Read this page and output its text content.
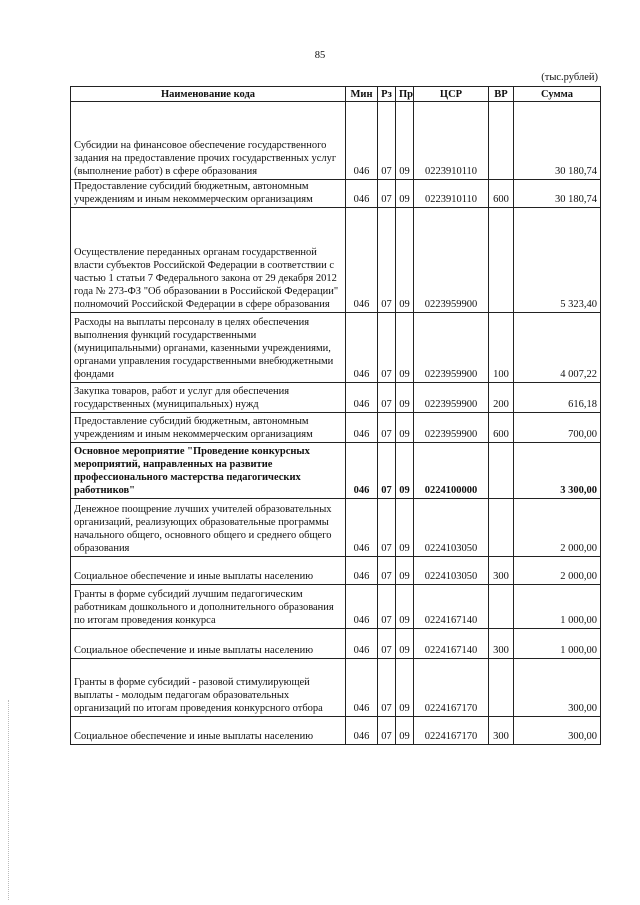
85
(тыс.рублей)
Наименование кода	Мин	Рз	Пр	ЦСР	ВР	Сумма
Субсидии на финансовое обеспечение государственного задания на предоставление прочих государственных услуг (выполнение работ) в сфере образования	046	07	09	0223910110		30 180,74
Предоставление субсидий бюджетным, автономным учреждениям и иным некоммерческим организациям	046	07	09	0223910110	600	30 180,74
Осуществление переданных органам государственной власти субъектов Российской Федерации в соответствии с частью 1 статьи 7 Федерального закона от 29 декабря 2012 года № 273-ФЗ "Об образовании в Российской Федерации" полномочий Российской Федерации в сфере образования	046	07	09	0223959900		5 323,40
Расходы на выплаты персоналу в целях обеспечения выполнения функций государственными (муниципальными) органами, казенными учреждениями, органами управления государственными внебюджетными фондами	046	07	09	0223959900	100	4 007,22
Закупка товаров, работ и услуг для обеспечения государственных (муниципальных) нужд	046	07	09	0223959900	200	616,18
Предоставление субсидий бюджетным, автономным учреждениям и иным некоммерческим организациям	046	07	09	0223959900	600	700,00
Основное мероприятие "Проведение конкурсных мероприятий, направленных на развитие профессионального мастерства педагогических работников"	046	07	09	0224100000		3 300,00
Денежное поощрение лучших учителей образовательных организаций, реализующих образовательные программы начального общего, основного общего и среднего общего образования	046	07	09	0224103050		2 000,00
Социальное обеспечение и иные выплаты населению	046	07	09	0224103050	300	2 000,00
Гранты в форме субсидий лучшим педагогическим работникам дошкольного и дополнительного образования по итогам проведения конкурса	046	07	09	0224167140		1 000,00
Социальное обеспечение и иные выплаты населению	046	07	09	0224167140	300	1 000,00
Гранты в форме субсидий - разовой стимулирующей выплаты - молодым педагогам образовательных организаций по итогам проведения конкурсного отбора	046	07	09	0224167170		300,00
Социальное обеспечение и иные выплаты населению	046	07	09	0224167170	300	300,00
